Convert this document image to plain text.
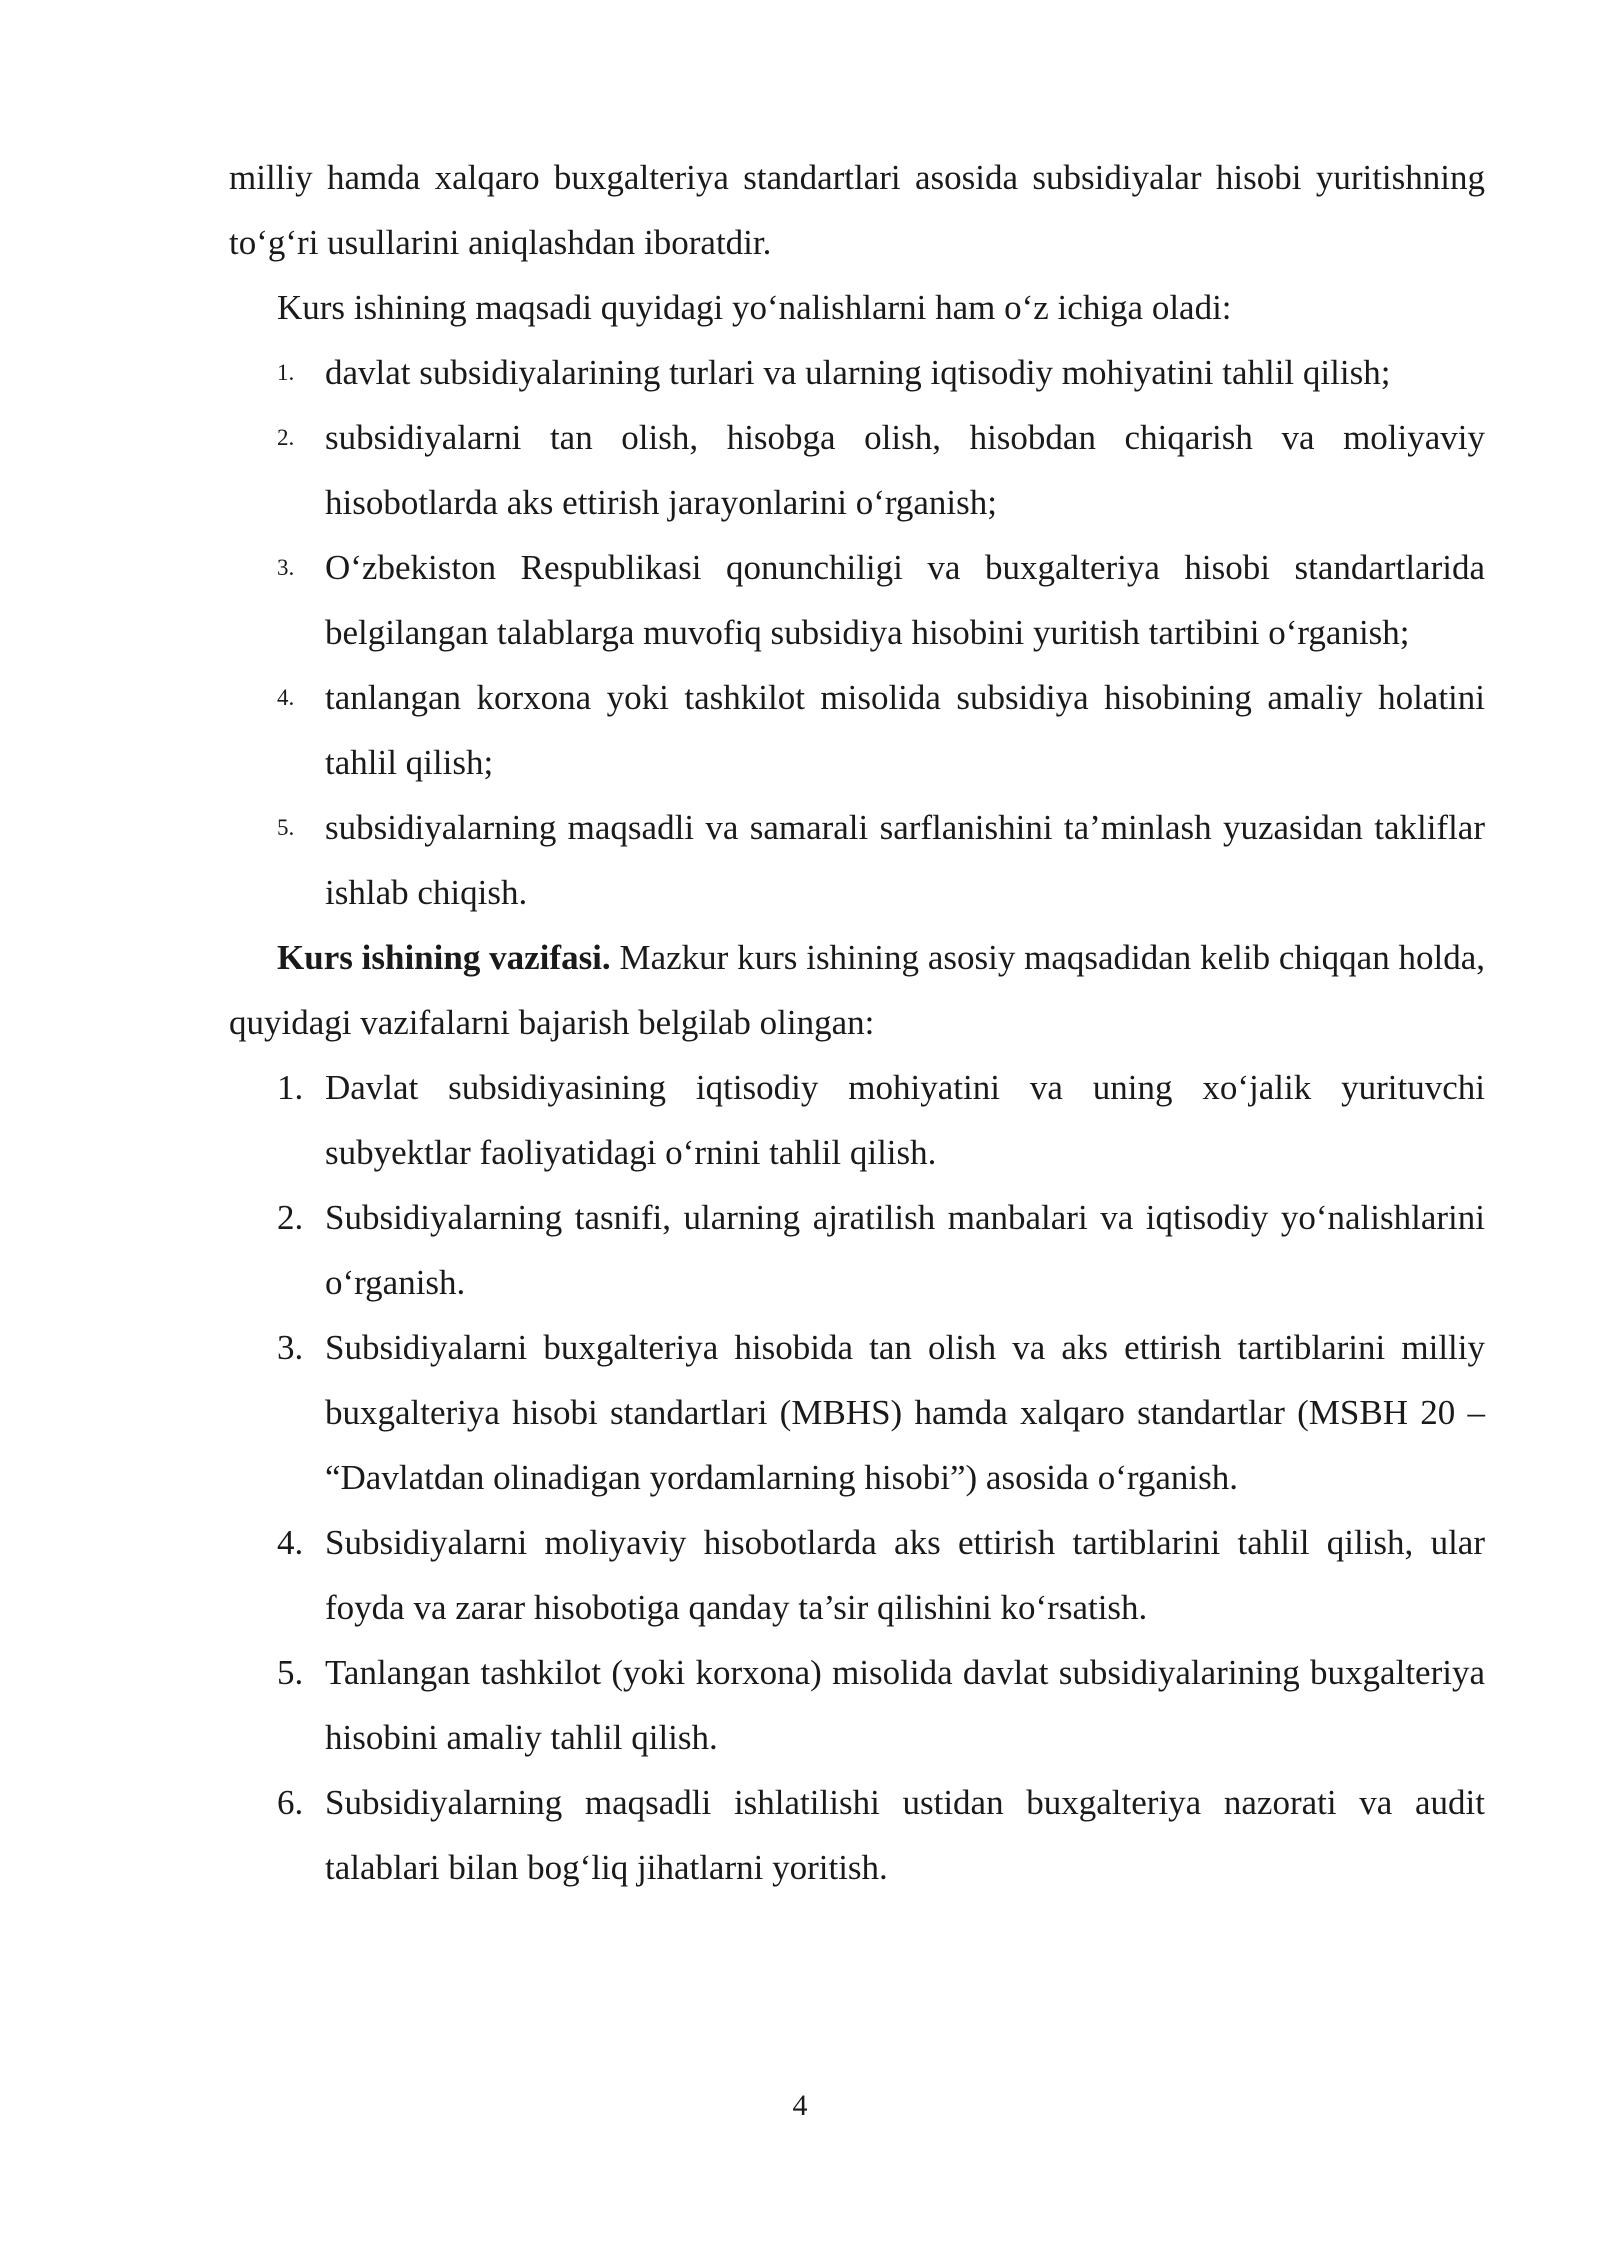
milliy hamda xalqaro buxgalteriya standartlari asosida subsidiyalar hisobi yuritishning to‘g‘ri usullarini aniqlashdan iboratdir.

Kurs ishining maqsadi quyidagi yo‘nalishlarni ham o‘z ichiga oladi:

1. davlat subsidiyalarining turlari va ularning iqtisodiy mohiyatini tahlil qilish;
2. subsidiyalarni tan olish, hisobga olish, hisobdan chiqarish va moliyaviy hisobotlarda aks ettirish jarayonlarini o‘rganish;
3. O‘zbekiston Respublikasi qonunchiligi va buxgalteriya hisobi standartlarida belgilangan talablarga muvofiq subsidiya hisobini yuritish tartibini o‘rganish;
4. tanlangan korxona yoki tashkilot misolida subsidiya hisobining amaliy holatini tahlil qilish;
5. subsidiyalarning maqsadli va samarali sarflanishini ta’minlash yuzasidan takliflar ishlab chiqish.

Kurs ishining vazifasi. Mazkur kurs ishining asosiy maqsadidan kelib chiqqan holda, quyidagi vazifalarni bajarish belgilab olingan:

1. Davlat subsidiyasining iqtisodiy mohiyatini va uning xo‘jalik yurituvchi subyektlar faoliyatidagi o‘rnini tahlil qilish.
2. Subsidiyalarning tasnifi, ularning ajratilish manbalari va iqtisodiy yo‘nalishlarini o‘rganish.
3. Subsidiyalarni buxgalteriya hisobida tan olish va aks ettirish tartiblarini milliy buxgalteriya hisobi standartlari (MBHS) hamda xalqaro standartlar (MSBH 20 – “Davlatdan olinadigan yordamlarning hisobi”) asosida o‘rganish.
4. Subsidiyalarni moliyaviy hisobotlarda aks ettirish tartiblarini tahlil qilish, ular foyda va zarar hisobotiga qanday ta’sir qilishini ko‘rsatish.
5. Tanlangan tashkilot (yoki korxona) misolida davlat subsidiyalarining buxgalteriya hisobini amaliy tahlil qilish.
6. Subsidiyalarning maqsadli ishlatilishi ustidan buxgalteriya nazorati va audit talablari bilan bog‘liq jihatlarni yoritish.
4
